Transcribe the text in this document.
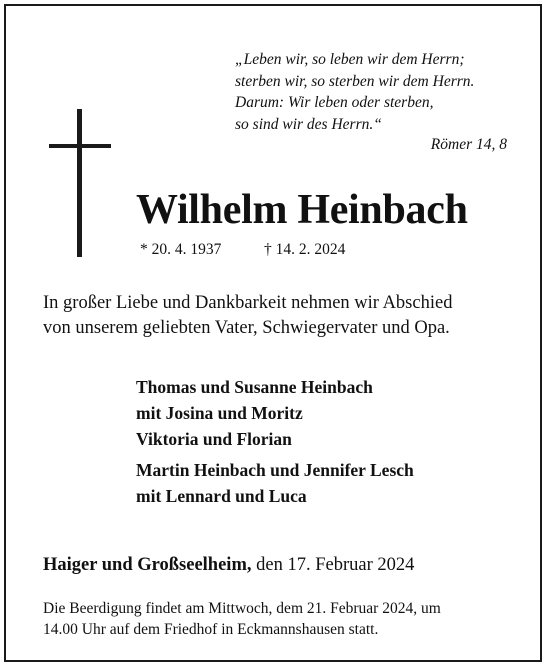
„Leben wir, so leben wir dem Herrn;
sterben wir, so sterben wir dem Herrn.
Darum: Wir leben oder sterben,
so sind wir des Herrn.“
Römer 14, 8
Wilhelm Heinbach
* 20. 4. 1937	† 14. 2. 2024
In großer Liebe und Dankbarkeit nehmen wir Abschied
von unserem geliebten Vater, Schwiegervater und Opa.
Thomas und Susanne Heinbach
mit Josina und Moritz
Viktoria und Florian
Martin Heinbach und Jennifer Lesch
mit Lennard und Luca
Haiger und Großseelheim, den 17. Februar 2024
Die Beerdigung findet am Mittwoch, dem 21. Februar 2024, um
14.00 Uhr auf dem Friedhof in Eckmannshausen statt.
